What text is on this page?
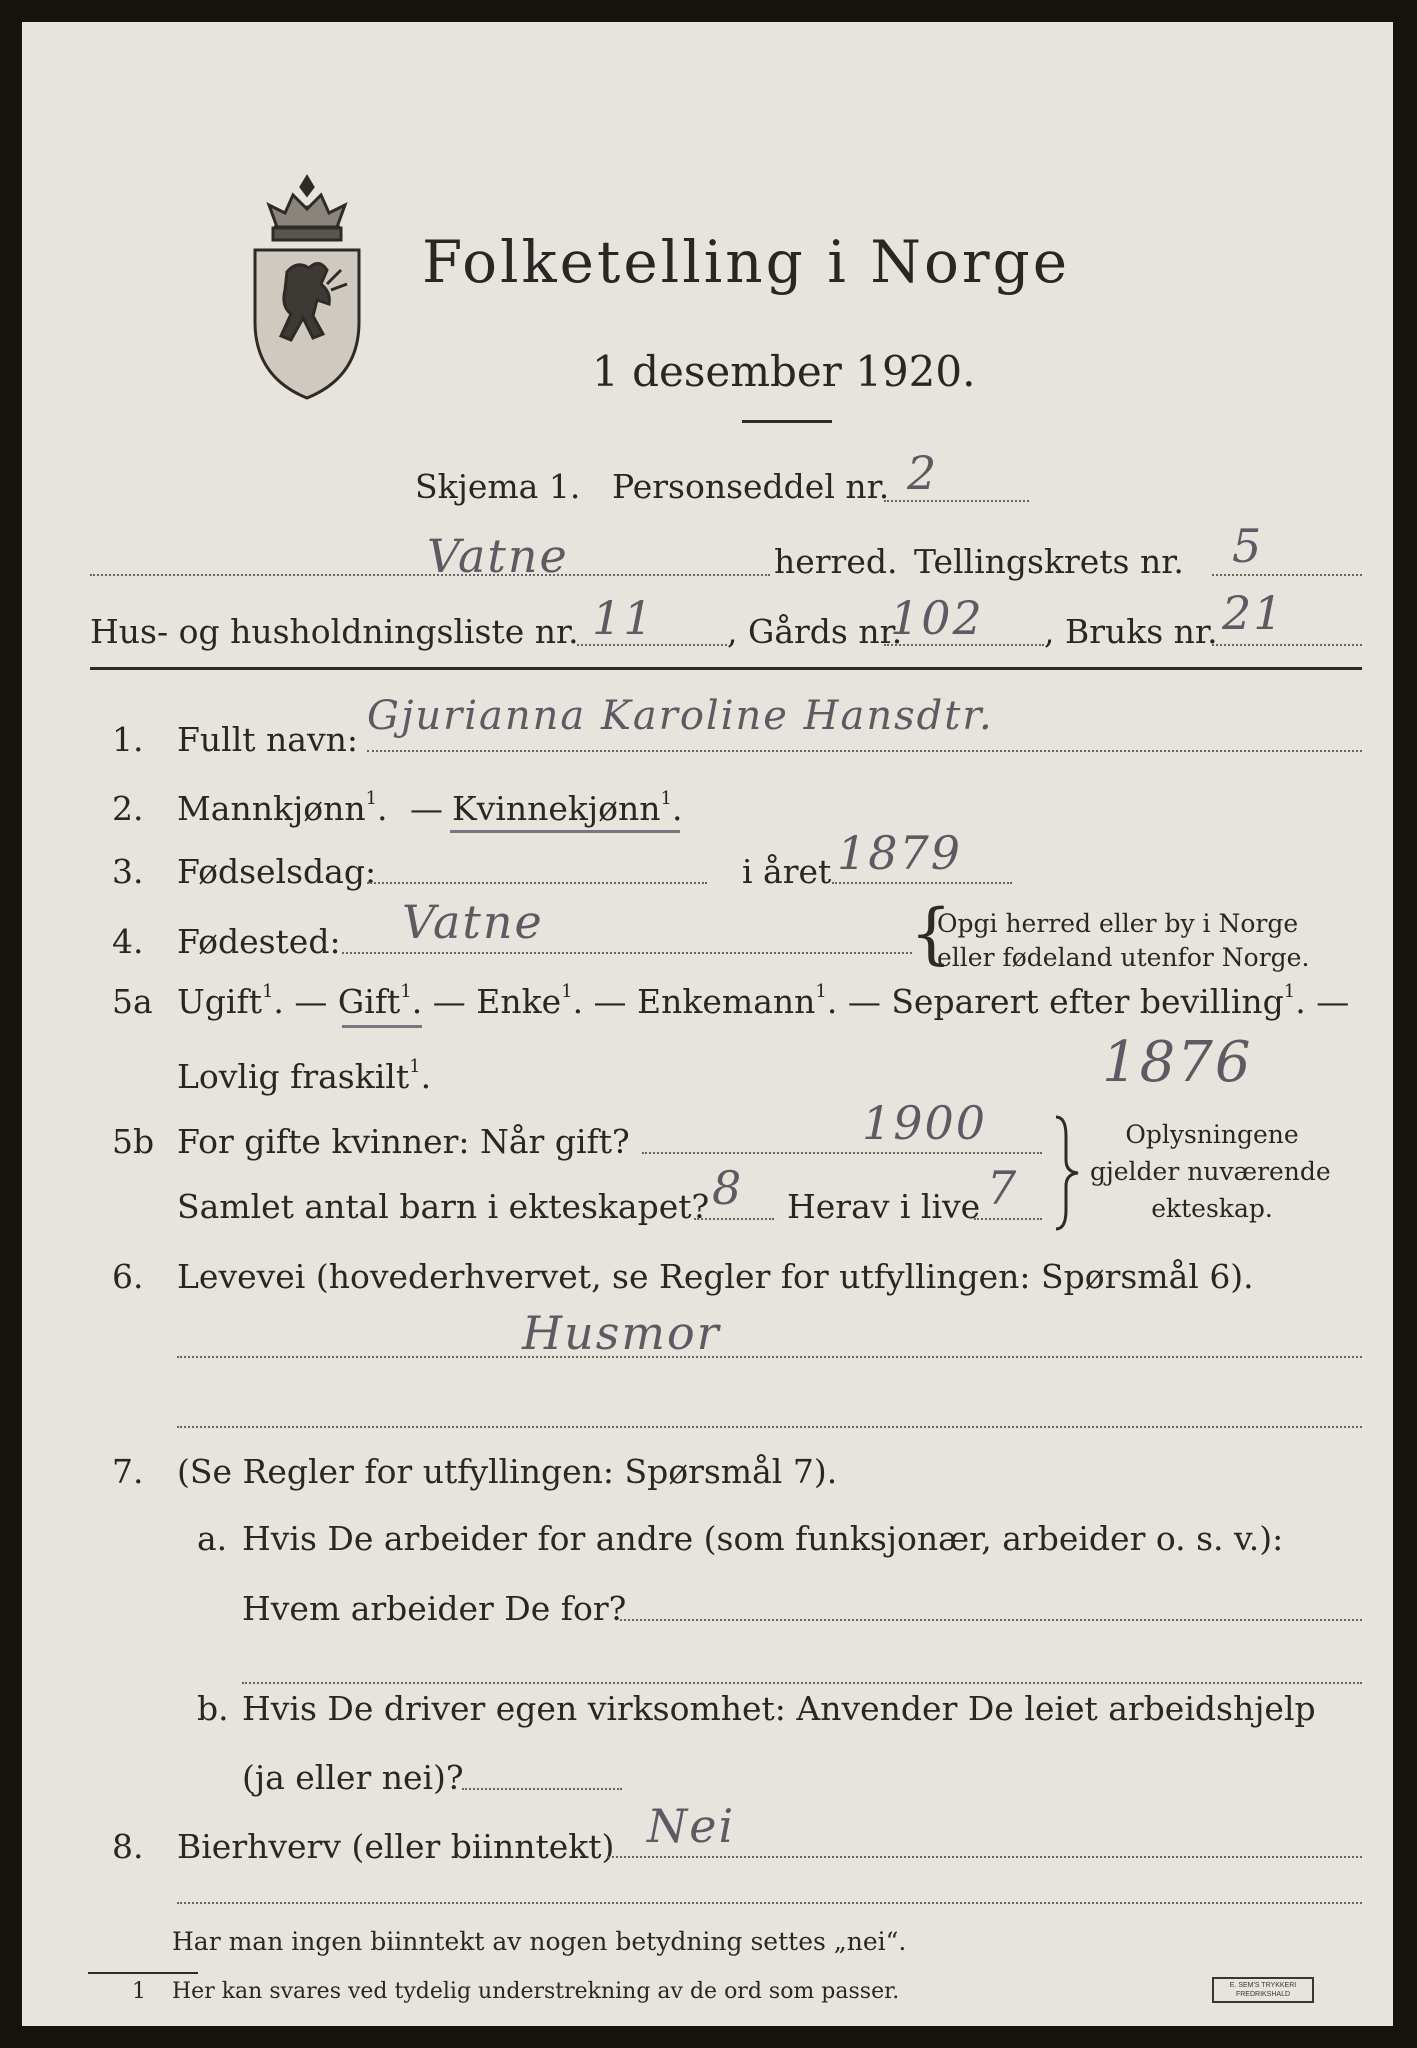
Folketelling i Norge
1 desember 1920.
Skjema 1. Personseddel nr. 2
Vatne	herred. Tellingskrets nr. 5
Hus- og husholdningsliste nr. 11 , Gårds nr.
102 , Bruks nr. 21
1. Fullt navn:
Gjurianna Karoline Hansdtr.
2. Mannkjønn$^1$. — Kvinnekjønn$^1$.
3. Fødselsdag:	i året 1879
4. Fødested: Vatne	{
Opgi herred eller by i Norge
eller fødeland utenfor Norge.
5a Ugift$^1$. — Gift$^1$. — Enke$^1$. — Enkemann$^1$. — Separert efter bevilling$^1$. —
Lovlig fraskilt$^1$.	1876
5b For gifte kvinner: Når gift?	1900
Samlet antal barn i ekteskapet? 8 Herav i live 7
Oplysningene
gjelder nuværende
ekteskap.
6. Levevei (hovederhvervet, se Regler for utfyllingen: Spørsmål 6).
Husmor
7. (Se Regler for utfyllingen: Spørsmål 7).
a. Hvis De arbeider for andre (som funksjonær, arbeider o. s. v.):
Hvem arbeider De for?
b. Hvis De driver egen virksomhet: Anvender De leiet arbeidshjelp
(ja eller nei)?
8. Bierhverv (eller biinntekt) Nei
Har man ingen biinntekt av nogen betydning settes „nei“.
1 Her kan svares ved tydelig understrekning av de ord som passer.	E. SEM'S TRYKKERI
FREDRIKSHALD
